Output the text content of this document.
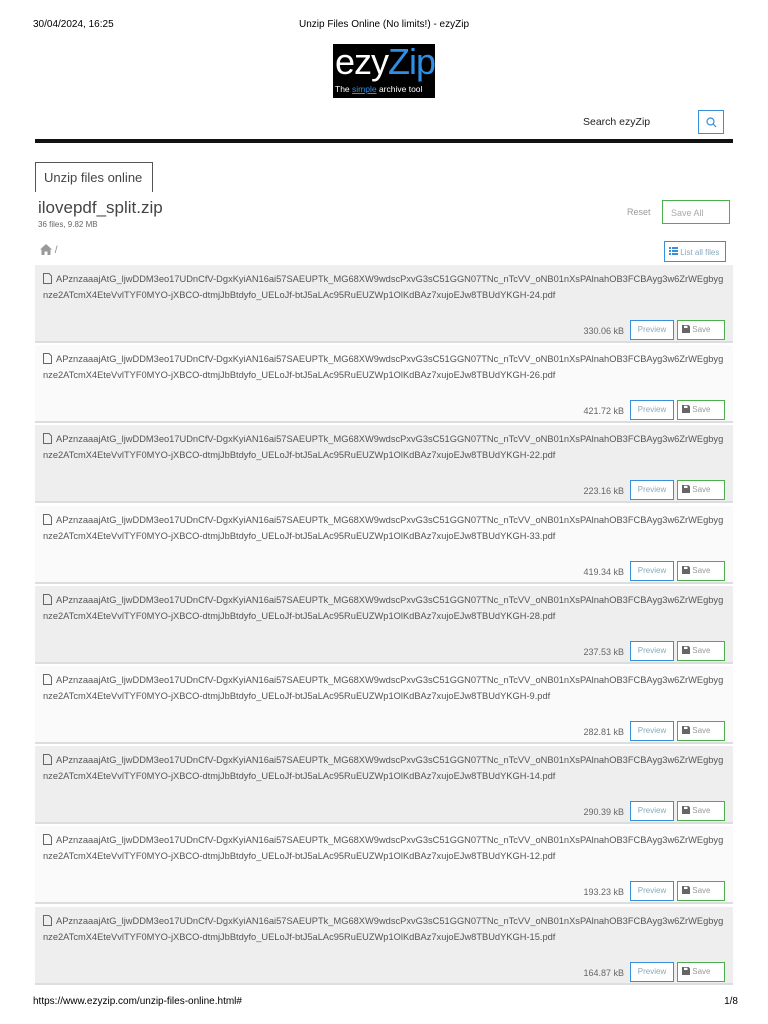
30/04/2024, 16:25	Unzip Files Online (No limits!) - ezyZip
ezyZip
The simple archive tool
Search ezyZip
Unzip files online
ilovepdf_split.zip
36 files, 9.82 MB
Reset	Save All
/	List all files
APznzaaajAtG_ljwDDM3eo17UDnCfV-DgxKyiAN16ai57SAEUPTk_MG68XW9wdscPxvG3sC51GGN07TNc_nTcVV_oNB01nXsPAlnahOB3FCBAyg3w6ZrWEgbygnze2ATcmX4EteVvlTYF0MYO-jXBCO-dtmjJbBtdyfo_UELoJf-btJ5aLAc95RuEUZWp1OlKdBAz7xujoEJw8TBUdYKGH-24.pdf
330.06 kB	Preview	Save
APznzaaajAtG_ljwDDM3eo17UDnCfV-DgxKyiAN16ai57SAEUPTk_MG68XW9wdscPxvG3sC51GGN07TNc_nTcVV_oNB01nXsPAlnahOB3FCBAyg3w6ZrWEgbygnze2ATcmX4EteVvlTYF0MYO-jXBCO-dtmjJbBtdyfo_UELoJf-btJ5aLAc95RuEUZWp1OlKdBAz7xujoEJw8TBUdYKGH-26.pdf
421.72 kB	Preview	Save
APznzaaajAtG_ljwDDM3eo17UDnCfV-DgxKyiAN16ai57SAEUPTk_MG68XW9wdscPxvG3sC51GGN07TNc_nTcVV_oNB01nXsPAlnahOB3FCBAyg3w6ZrWEgbygnze2ATcmX4EteVvlTYF0MYO-jXBCO-dtmjJbBtdyfo_UELoJf-btJ5aLAc95RuEUZWp1OlKdBAz7xujoEJw8TBUdYKGH-22.pdf
223.16 kB	Preview	Save
APznzaaajAtG_ljwDDM3eo17UDnCfV-DgxKyiAN16ai57SAEUPTk_MG68XW9wdscPxvG3sC51GGN07TNc_nTcVV_oNB01nXsPAlnahOB3FCBAyg3w6ZrWEgbygnze2ATcmX4EteVvlTYF0MYO-jXBCO-dtmjJbBtdyfo_UELoJf-btJ5aLAc95RuEUZWp1OlKdBAz7xujoEJw8TBUdYKGH-33.pdf
419.34 kB	Preview	Save
APznzaaajAtG_ljwDDM3eo17UDnCfV-DgxKyiAN16ai57SAEUPTk_MG68XW9wdscPxvG3sC51GGN07TNc_nTcVV_oNB01nXsPAlnahOB3FCBAyg3w6ZrWEgbygnze2ATcmX4EteVvlTYF0MYO-jXBCO-dtmjJbBtdyfo_UELoJf-btJ5aLAc95RuEUZWp1OlKdBAz7xujoEJw8TBUdYKGH-28.pdf
237.53 kB	Preview	Save
APznzaaajAtG_ljwDDM3eo17UDnCfV-DgxKyiAN16ai57SAEUPTk_MG68XW9wdscPxvG3sC51GGN07TNc_nTcVV_oNB01nXsPAlnahOB3FCBAyg3w6ZrWEgbygnze2ATcmX4EteVvlTYF0MYO-jXBCO-dtmjJbBtdyfo_UELoJf-btJ5aLAc95RuEUZWp1OlKdBAz7xujoEJw8TBUdYKGH-9.pdf
282.81 kB	Preview	Save
APznzaaajAtG_ljwDDM3eo17UDnCfV-DgxKyiAN16ai57SAEUPTk_MG68XW9wdscPxvG3sC51GGN07TNc_nTcVV_oNB01nXsPAlnahOB3FCBAyg3w6ZrWEgbygnze2ATcmX4EteVvlTYF0MYO-jXBCO-dtmjJbBtdyfo_UELoJf-btJ5aLAc95RuEUZWp1OlKdBAz7xujoEJw8TBUdYKGH-14.pdf
290.39 kB	Preview	Save
APznzaaajAtG_ljwDDM3eo17UDnCfV-DgxKyiAN16ai57SAEUPTk_MG68XW9wdscPxvG3sC51GGN07TNc_nTcVV_oNB01nXsPAlnahOB3FCBAyg3w6ZrWEgbygnze2ATcmX4EteVvlTYF0MYO-jXBCO-dtmjJbBtdyfo_UELoJf-btJ5aLAc95RuEUZWp1OlKdBAz7xujoEJw8TBUdYKGH-12.pdf
193.23 kB	Preview	Save
APznzaaajAtG_ljwDDM3eo17UDnCfV-DgxKyiAN16ai57SAEUPTk_MG68XW9wdscPxvG3sC51GGN07TNc_nTcVV_oNB01nXsPAlnahOB3FCBAyg3w6ZrWEgbygnze2ATcmX4EteVvlTYF0MYO-jXBCO-dtmjJbBtdyfo_UELoJf-btJ5aLAc95RuEUZWp1OlKdBAz7xujoEJw8TBUdYKGH-15.pdf
164.87 kB	Preview	Save
https://www.ezyzip.com/unzip-files-online.html#	1/8
